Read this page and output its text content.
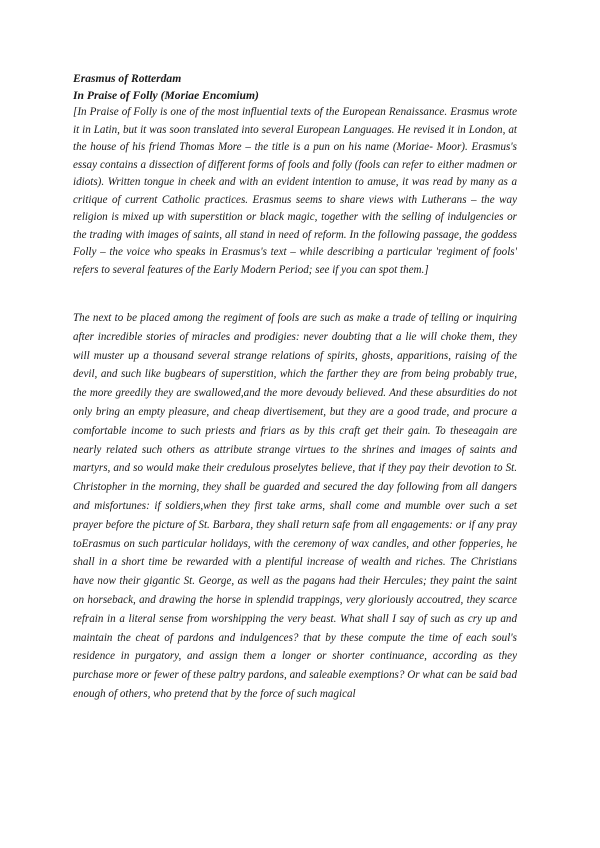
Erasmus of Rotterdam

In Praise of Folly (Moriae Encomium)

[In Praise of Folly is one of the most influential texts of the European Renaissance. Erasmus wrote it in Latin, but it was soon translated into several European Languages. He revised it in London, at the house of his friend Thomas More – the title is a pun on his name (Moriae- Moor). Erasmus's essay contains a dissection of different forms of fools and folly (fools can refer to either madmen or idiots). Written tongue in cheek and with an evident intention to amuse, it was read by many as a critique of current Catholic practices. Erasmus seems to share views with Lutherans – the way religion is mixed up with superstition or black magic, together with the selling of indulgencies or the trading with images of saints, all stand in need of reform. In the following passage, the goddess Folly – the voice who speaks in Erasmus's text – while describing a particular 'regiment of fools' refers to several features of the Early Modern Period; see if you can spot them.]

The next to be placed among the regiment of fools are such as make a trade of telling or inquiring after incredible stories of miracles and prodigies: never doubting that a lie will choke them, they will muster up a thousand several strange relations of spirits, ghosts, apparitions, raising of the devil, and such like bugbears of superstition, which the farther they are from being probably true, the more greedily they are swallowed,and the more devoudy believed. And these absurdities do not only bring an empty pleasure, and cheap divertisement, but they are a good trade, and procure a comfortable income to such priests and friars as by this craft get their gain. To theseagain are nearly related such others as attribute strange virtues to the shrines and images of saints and martyrs, and so would make their credulous proselytes believe, that if they pay their devotion to St. Christopher in the morning, they shall be guarded and secured the day following from all dangers and misfortunes: if soldiers,when they first take arms, shall come and mumble over such a set prayer before the picture of St. Barbara, they shall return safe from all engagements: or if any pray toErasmus on such particular holidays, with the ceremony of wax candles, and other fopperies, he shall in a short time be rewarded with a plentiful increase of wealth and riches. The Christians have now their gigantic St. George, as well as the pagans had their Hercules; they paint the saint on horseback, and drawing the horse in splendid trappings, very gloriously accoutred, they scarce refrain in a literal sense from worshipping the very beast. What shall I say of such as cry up and maintain the cheat of pardons and indulgences? that by these compute the time of each soul's residence in purgatory, and assign them a longer or shorter continuance, according as they purchase more or fewer of these paltry pardons, and saleable exemptions? Or what can be said bad enough of others, who pretend that by the force of such magical
